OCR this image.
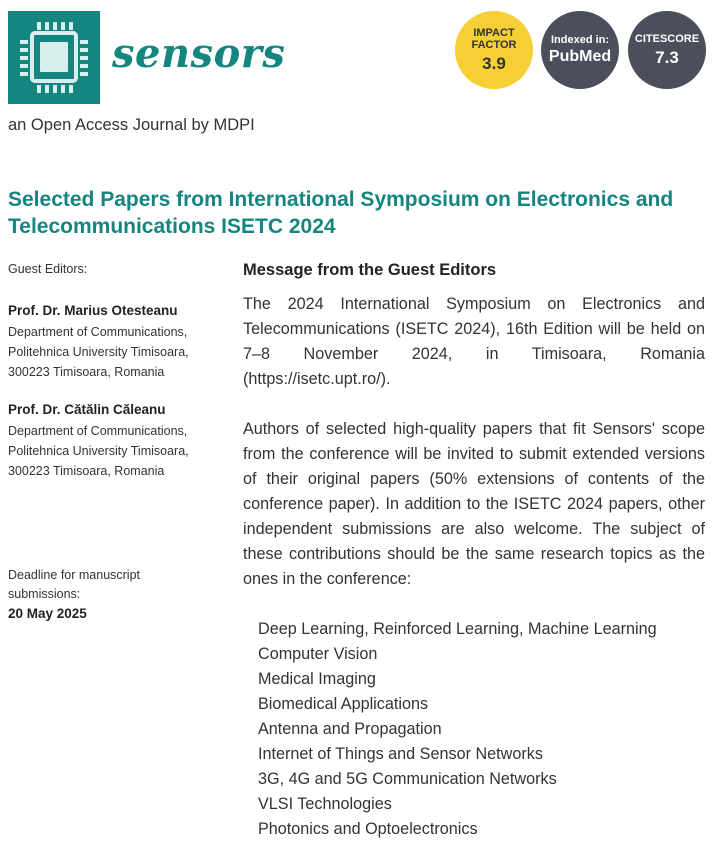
sensors
an Open Access Journal by MDPI
IMPACT
FACTOR
3.9
Indexed in:
PubMed
CITESCORE
7.3
Selected Papers from International Symposium on Electronics and Telecommunications ISETC 2024
Guest Editors:
Prof. Dr. Marius Otesteanu
Department of Communications,
Politehnica University Timisoara,
300223 Timisoara, Romania
Prof. Dr. Cătălin Căleanu
Department of Communications,
Politehnica University Timisoara,
300223 Timisoara, Romania
Deadline for manuscript
submissions:
20 May 2025
Message from the Guest Editors

The 2024 International Symposium on Electronics and Telecommunications (ISETC 2024), 16th Edition will be held on 7–8 November 2024, in Timisoara, Romania (https://isetc.upt.ro/).

Authors of selected high-quality papers that fit Sensors' scope from the conference will be invited to submit extended versions of their original papers (50% extensions of contents of the conference paper). In addition to the ISETC 2024 papers, other independent submissions are also welcome. The subject of these contributions should be the same research topics as the ones in the conference:

Deep Learning, Reinforced Learning, Machine Learning
Computer Vision
Medical Imaging
Biomedical Applications
Antenna and Propagation
Internet of Things and Sensor Networks
3G, 4G and 5G Communication Networks
VLSI Technologies
Photonics and Optoelectronics
